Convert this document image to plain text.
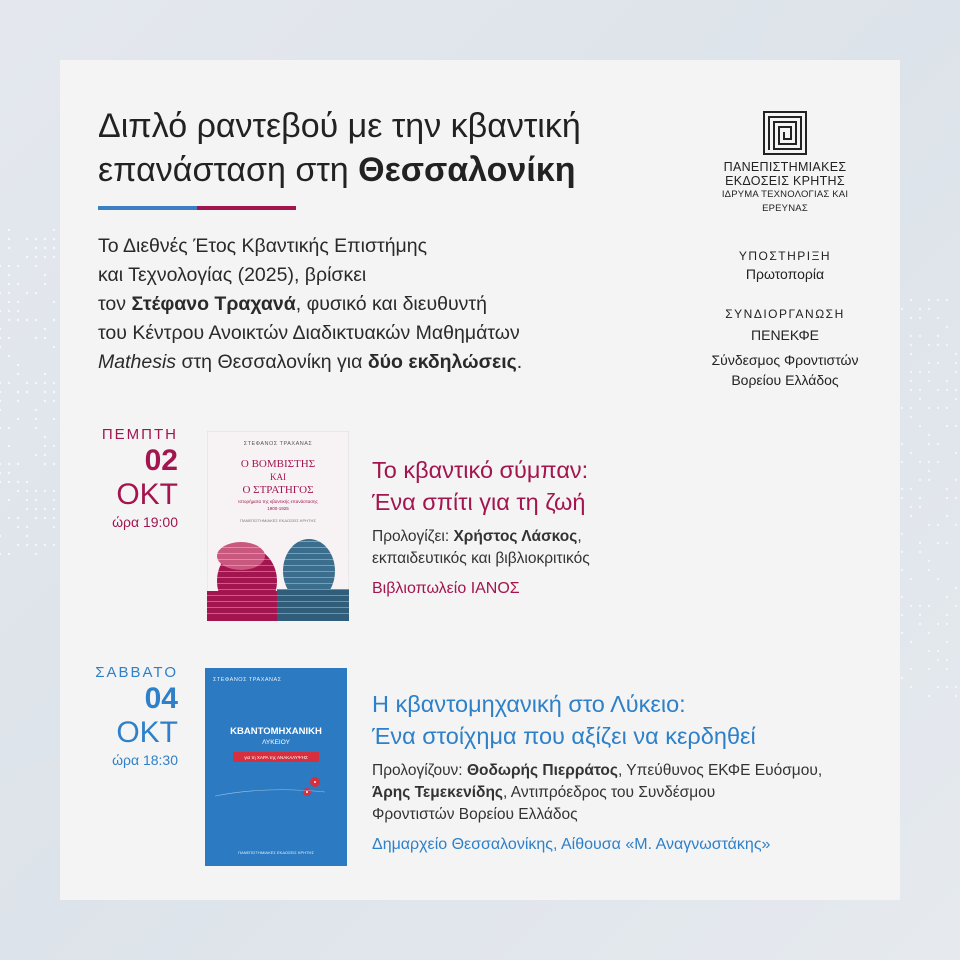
Διπλό ραντεβού με την κβαντική
επανάσταση στη Θεσσαλονίκη
Το Διεθνές Έτος Κβαντικής Επιστήμης
και Τεχνολογίας (2025), βρίσκει
τον Στέφανο Τραχανά, φυσικό και διευθυντή
του Κέντρου Ανοικτών Διαδικτυακών Μαθημάτων
Mathesis στη Θεσσαλονίκη για δύο εκδηλώσεις.
ΠΑΝΕΠΙΣΤΗΜΙΑΚΕΣ
ΕΚΔΟΣΕΙΣ ΚΡΗΤΗΣ
ΙΔΡΥΜΑ ΤΕΧΝΟΛΟΓΙΑΣ ΚΑΙ ΕΡΕΥΝΑΣ
ΥΠΟΣΤΗΡΙΞΗ
Πρωτοπορία
ΣΥΝΔΙΟΡΓΑΝΩΣΗ
ΠΕΝΕΚΦΕ
Σύνδεσμος Φροντιστών
Βορείου Ελλάδος
ΠΕΜΠΤΗ
02
ΟΚΤ
ώρα 19:00
ΣΤΕΦΑΝΟΣ ΤΡΑΧΑΝΑΣ
Ο ΒΟΜΒΙΣΤΗΣ
ΚΑΙ
Ο ΣΤΡΑΤΗΓΟΣ
Ιστορήματα της κβαντικής επανάστασης
1900-1925
ΠΑΝΕΠΙΣΤΗΜΙΑΚΕΣ ΕΚΔΟΣΕΙΣ ΚΡΗΤΗΣ
Το κβαντικό σύμπαν:
Ένα σπίτι για τη ζωή
Προλογίζει: Χρήστος Λάσκος,
εκπαιδευτικός και βιβλιοκριτικός
Βιβλιοπωλείο ΙΑΝΟΣ
ΣΑΒΒΑΤΟ
04
ΟΚΤ
ώρα 18:30
ΣΤΕΦΑΝΟΣ ΤΡΑΧΑΝΑΣ
ΚΒΑΝΤΟΜΗΧΑΝΙΚΗ
ΛΥΚΕΙΟΥ
για τη ΧΑΡΑ της ΑΝΑΚΑΛΥΨΗΣ
ΠΑΝΕΠΙΣΤΗΜΙΑΚΕΣ ΕΚΔΟΣΕΙΣ ΚΡΗΤΗΣ
Η κβαντομηχανική στο Λύκειο:
Ένα στοίχημα που αξίζει να κερδηθεί
Προλογίζουν: Θοδωρής Πιερράτος, Υπεύθυνος ΕΚΦΕ Ευόσμου,
Άρης Τεμεκενίδης, Αντιπρόεδρος του Συνδέσμου
Φροντιστών Βορείου Ελλάδος
Δημαρχείο Θεσσαλονίκης, Αίθουσα «Μ. Αναγνωστάκης»
